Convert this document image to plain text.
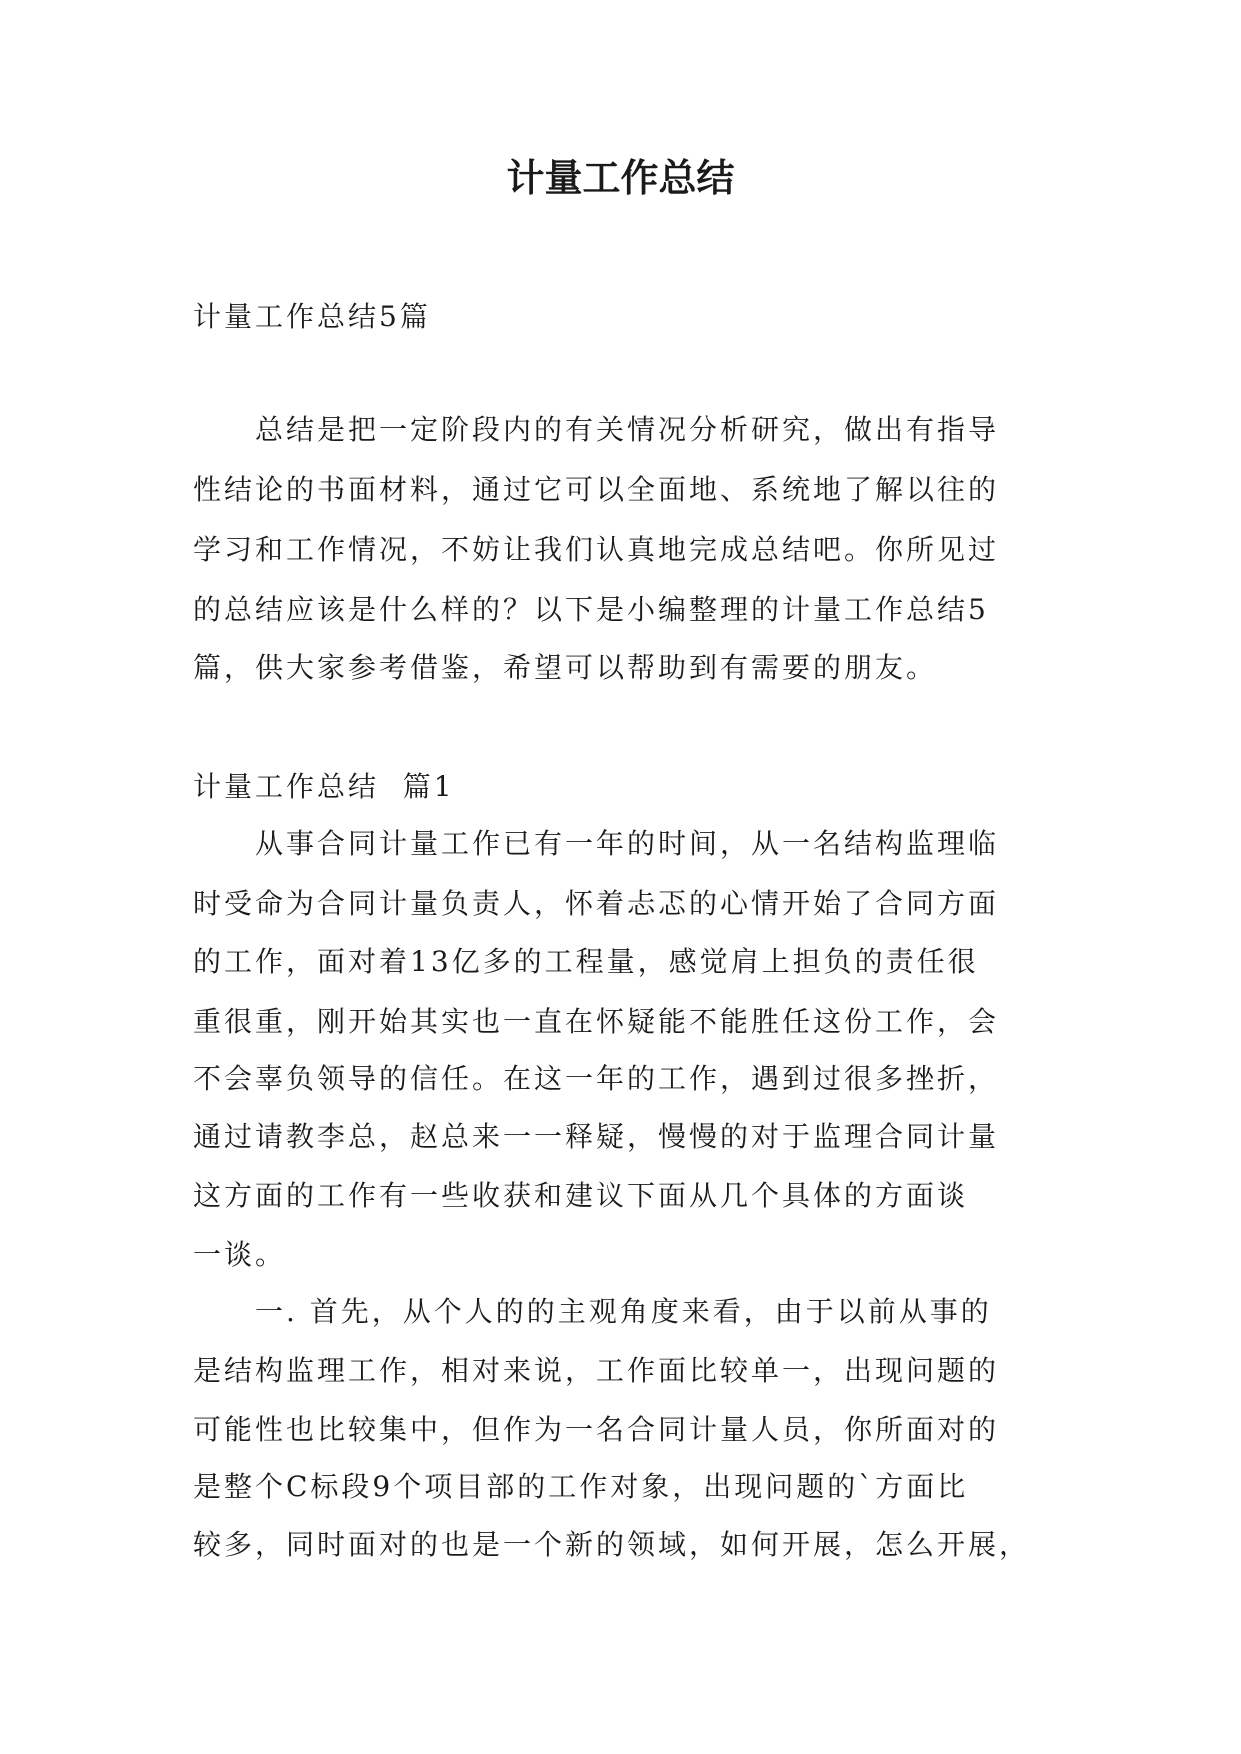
计量工作总结

计量工作总结5篇

总结是把一定阶段内的有关情况分析研究，做出有指导

性结论的书面材料，通过它可以全面地、系统地了解以往的

学习和工作情况，不妨让我们认真地完成总结吧。你所见过

的总结应该是什么样的？以下是小编整理的计量工作总结5

篇，供大家参考借鉴，希望可以帮助到有需要的朋友。

计量工作总结  篇1

从事合同计量工作已有一年的时间，从一名结构监理临

时受命为合同计量负责人，怀着忐忑的心情开始了合同方面

的工作，面对着13亿多的工程量，感觉肩上担负的责任很

重很重，刚开始其实也一直在怀疑能不能胜任这份工作，会

不会辜负领导的信任。在这一年的工作，遇到过很多挫折，

通过请教李总，赵总来一一释疑，慢慢的对于监理合同计量

这方面的工作有一些收获和建议下面从几个具体的方面谈

一谈。

一. 首先，从个人的的主观角度来看，由于以前从事的

是结构监理工作，相对来说，工作面比较单一，出现问题的

可能性也比较集中，但作为一名合同计量人员，你所面对的

是整个C标段9个项目部的工作对象，出现问题的`方面比

较多，同时面对的也是一个新的领域，如何开展，怎么开展，
